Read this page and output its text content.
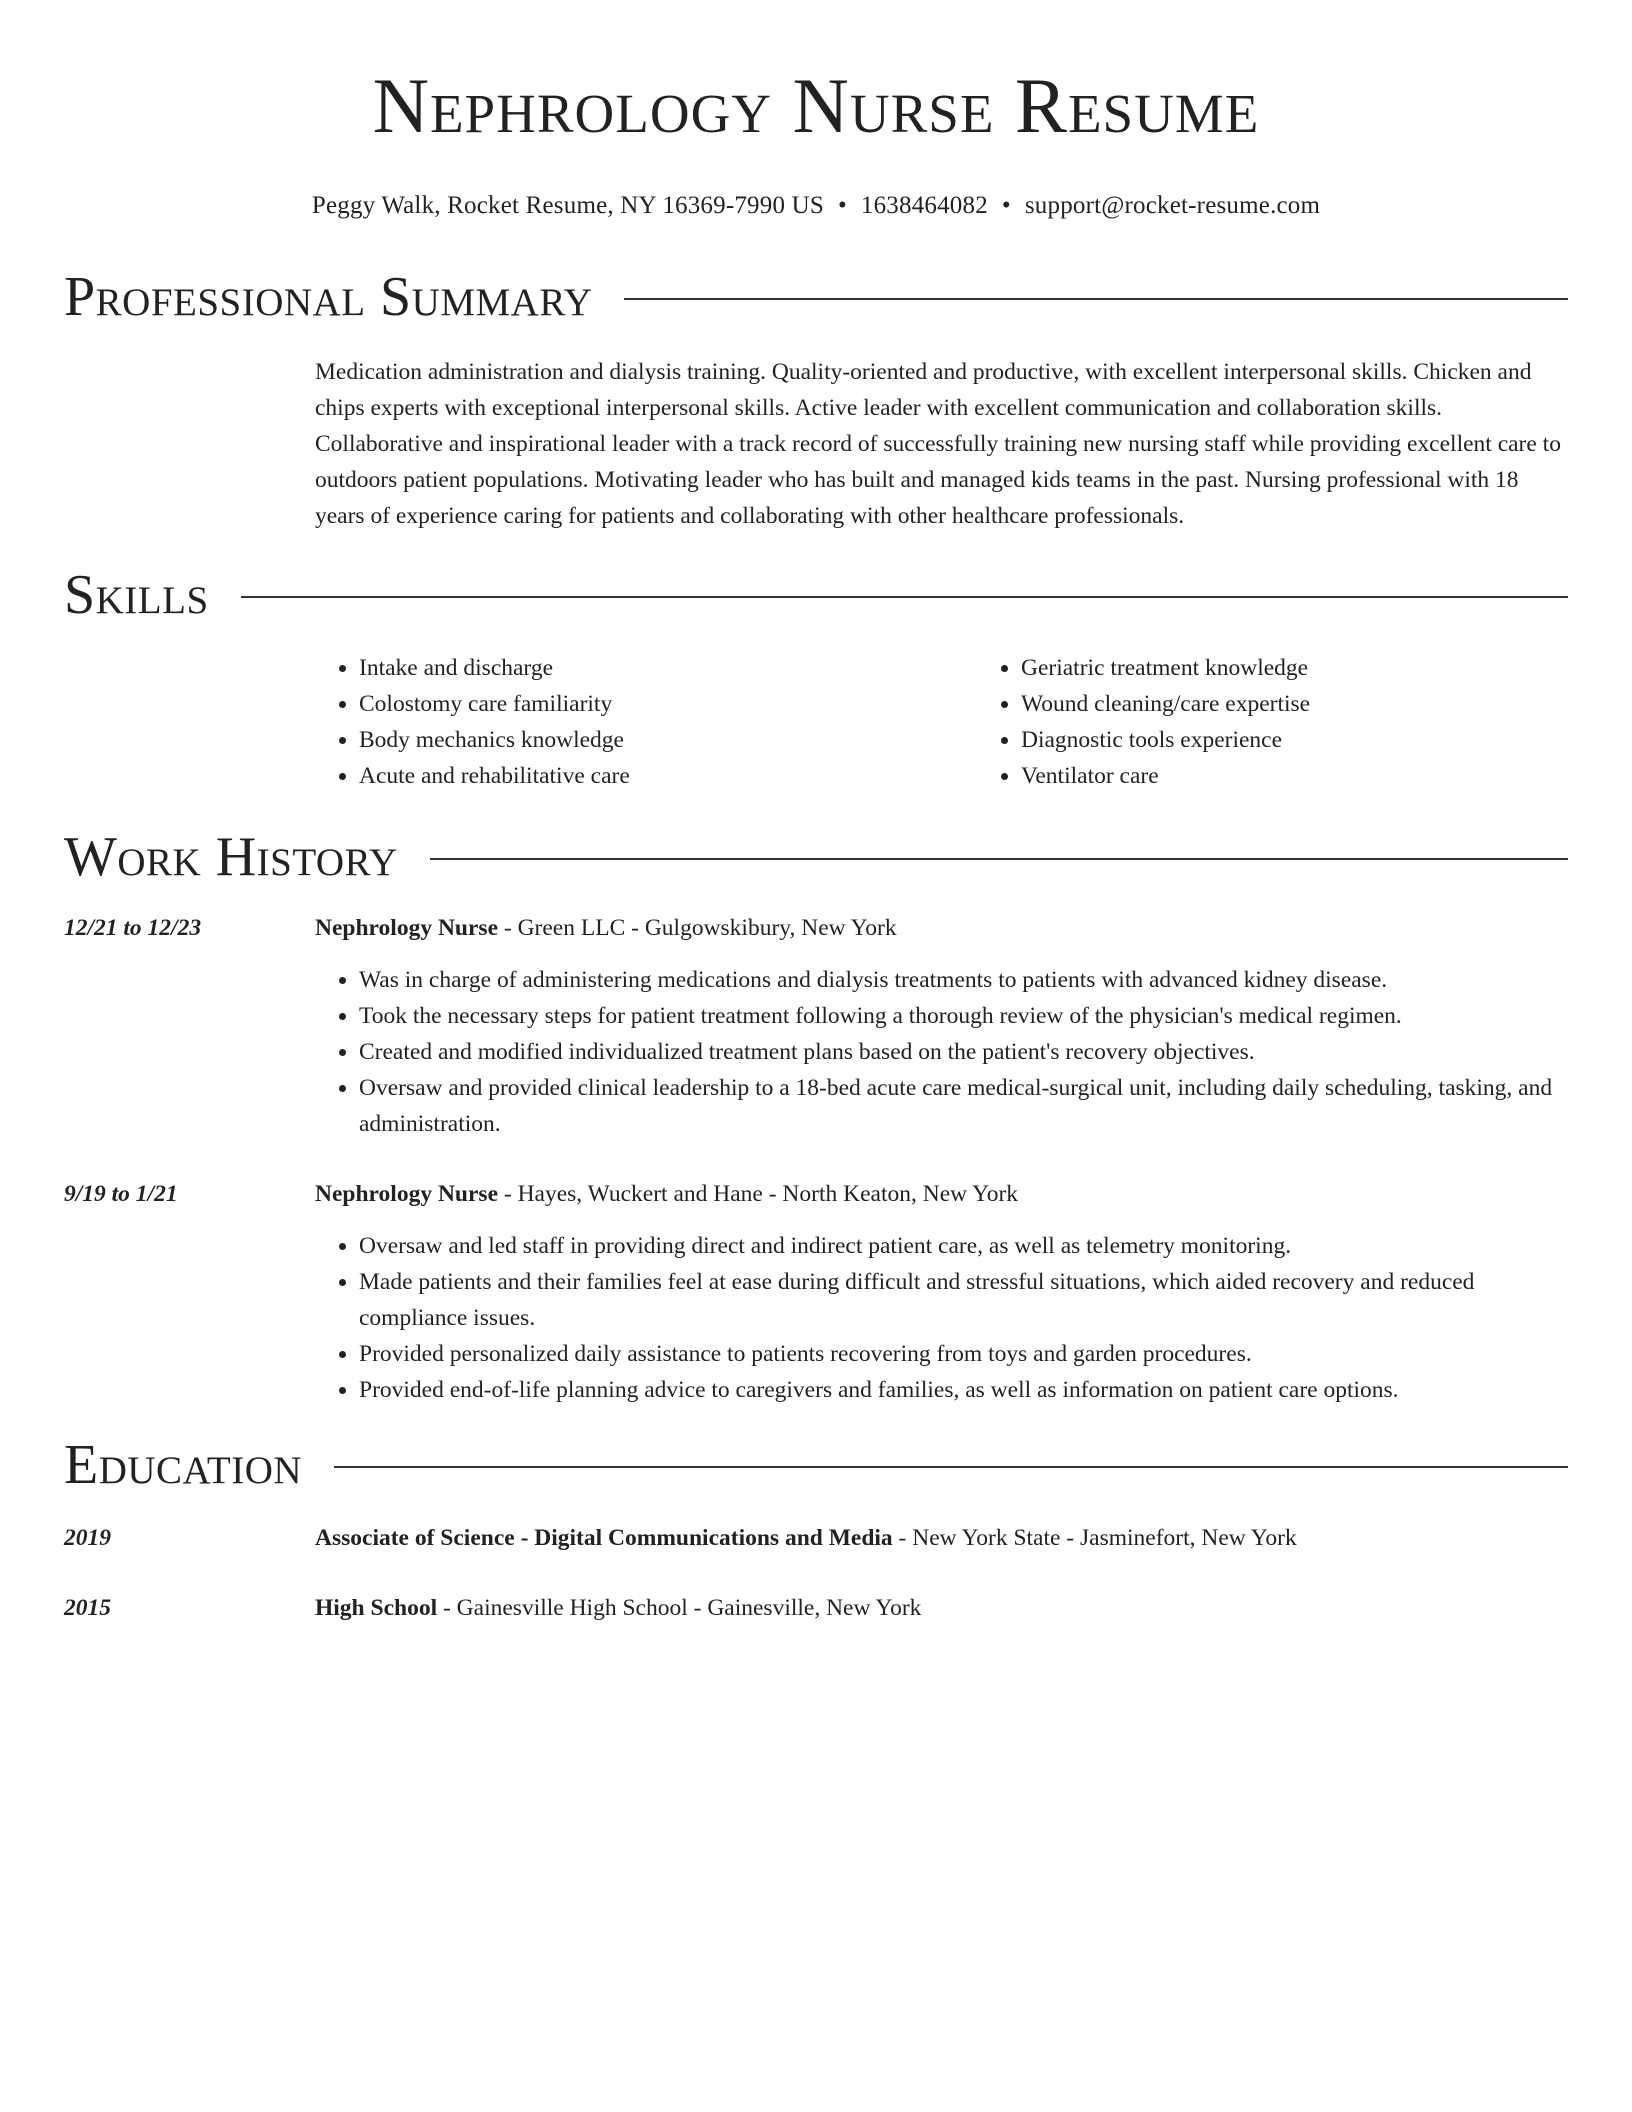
Nephrology Nurse Resume
Peggy Walk, Rocket Resume, NY 16369-7990 US • 1638464082 • support@rocket-resume.com
Professional Summary

Medication administration and dialysis training. Quality-oriented and productive, with excellent interpersonal skills. Chicken and chips experts with exceptional interpersonal skills. Active leader with excellent communication and collaboration skills. Collaborative and inspirational leader with a track record of successfully training new nursing staff while providing excellent care to outdoors patient populations. Motivating leader who has built and managed kids teams in the past. Nursing professional with 18 years of experience caring for patients and collaborating with other healthcare professionals.

Skills
• Intake and discharge
• Colostomy care familiarity
• Body mechanics knowledge
• Acute and rehabilitative care
• Geriatric treatment knowledge
• Wound cleaning/care expertise
• Diagnostic tools experience
• Ventilator care
Work History
12/21 to 12/23	Nephrology Nurse - Green LLC - Gulgowskibury, New York
• Was in charge of administering medications and dialysis treatments to patients with advanced kidney disease.
• Took the necessary steps for patient treatment following a thorough review of the physician's medical regimen.
• Created and modified individualized treatment plans based on the patient's recovery objectives.
• Oversaw and provided clinical leadership to a 18-bed acute care medical-surgical unit, including daily scheduling, tasking, and administration.
9/19 to 1/21	Nephrology Nurse - Hayes, Wuckert and Hane - North Keaton, New York
• Oversaw and led staff in providing direct and indirect patient care, as well as telemetry monitoring.
• Made patients and their families feel at ease during difficult and stressful situations, which aided recovery and reduced compliance issues.
• Provided personalized daily assistance to patients recovering from toys and garden procedures.
• Provided end-of-life planning advice to caregivers and families, as well as information on patient care options.
Education
2019	Associate of Science - Digital Communications and Media - New York State - Jasminefort, New York
2015	High School - Gainesville High School - Gainesville, New York
